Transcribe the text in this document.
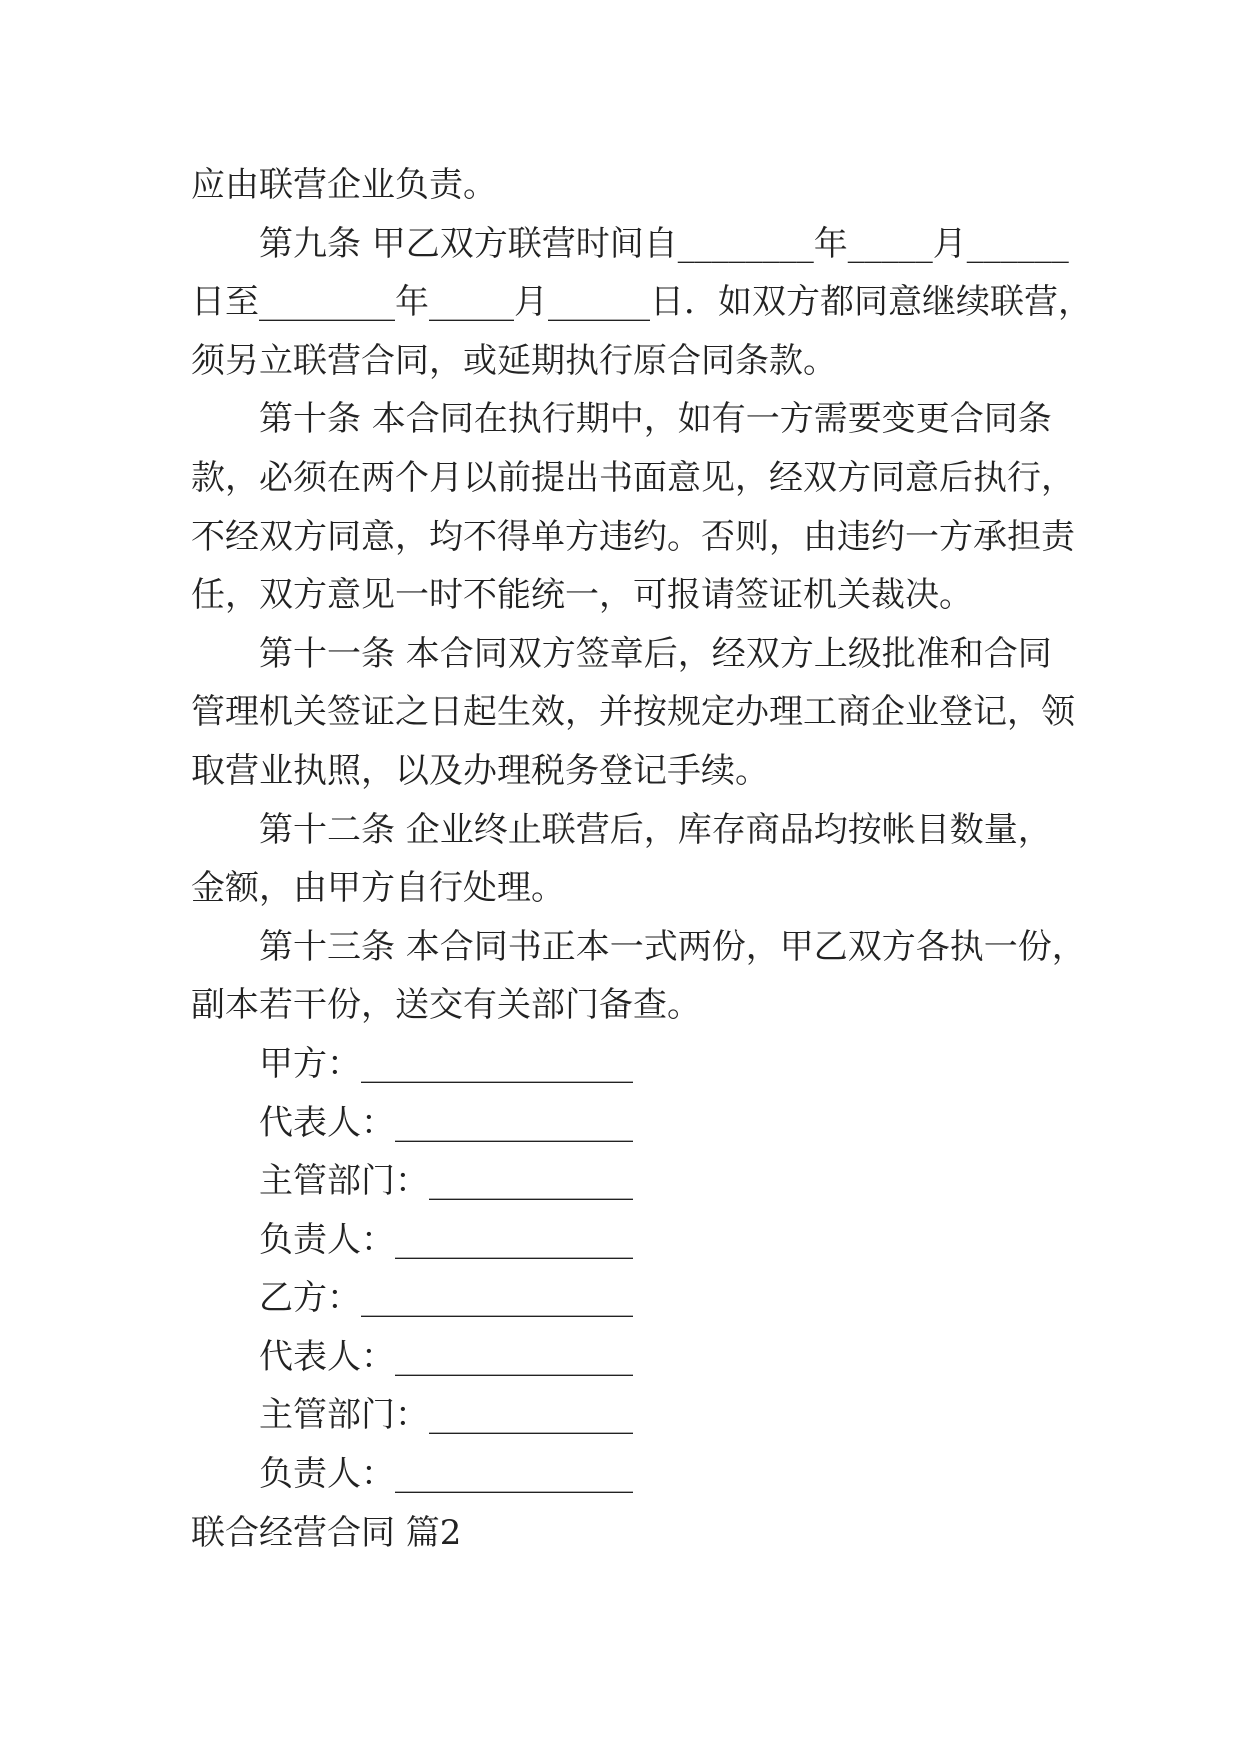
应由联营企业负责。
第九条 甲乙双方联营时间自________年_____月______
日至________年_____月______日．如双方都同意继续联营，
须另立联营合同，或延期执行原合同条款。
第十条 本合同在执行期中，如有一方需要变更合同条
款，必须在两个月以前提出书面意见，经双方同意后执行，
不经双方同意，均不得单方违约。否则，由违约一方承担责
任，双方意见一时不能统一，可报请签证机关裁决。
第十一条 本合同双方签章后，经双方上级批准和合同
管理机关签证之日起生效，并按规定办理工商企业登记，领
取营业执照，以及办理税务登记手续。
第十二条 企业终止联营后，库存商品均按帐目数量，
金额，由甲方自行处理。
第十三条 本合同书正本一式两份，甲乙双方各执一份，
副本若干份，送交有关部门备查。
甲方：________________
代表人：______________
主管部门：____________
负责人：______________
乙方：________________
代表人：______________
主管部门：____________
负责人：______________
联合经营合同 篇2
